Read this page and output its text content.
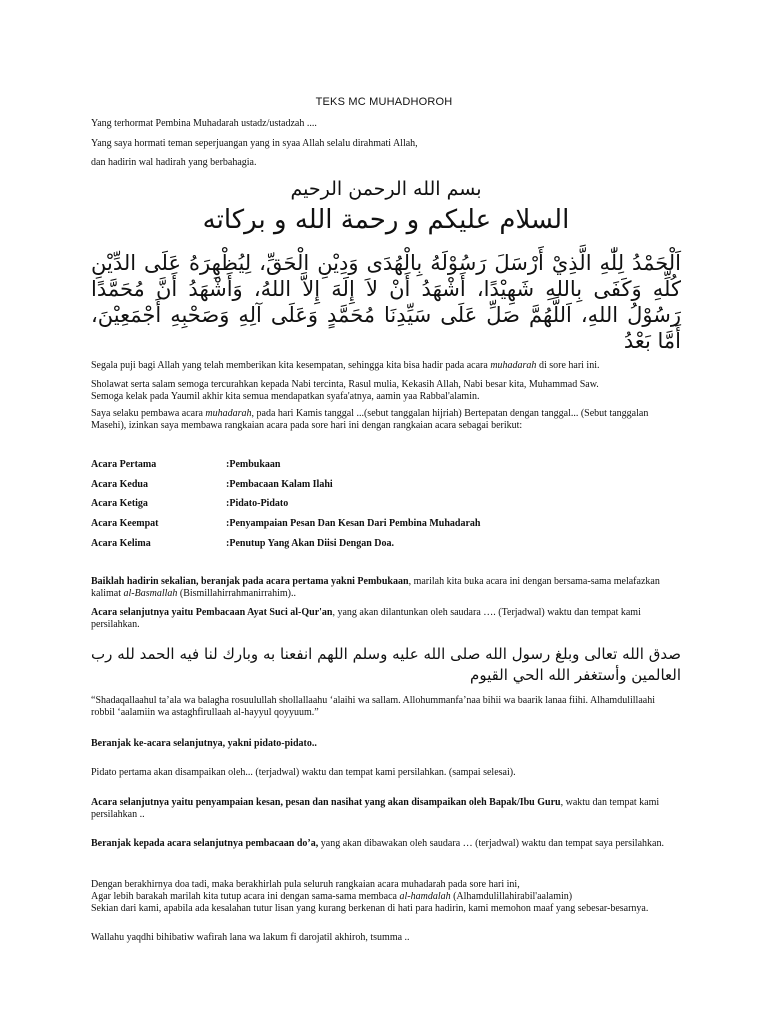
TEKS MC MUHADHOROH
Yang terhormat Pembina Muhadarah ustadz/ustadzah ....
Yang saya hormati teman seperjuangan yang in syaa Allah selalu dirahmati Allah,
dan hadirin wal hadirah yang berbahagia.
بسم الله الرحمن الرحيم
السلام عليكم و رحمة الله و بركاته
اَلْحَمْدُ لِلّٰهِ الَّذِيْ أَرْسَلَ رَسُوْلَهُ بِالْهُدَى وَدِيْنِ الْحَقِّ، لِيُظْهِرَهُ عَلَى الدِّيْنِ كُلِّهِ وَكَفَى بِاللهِ شَهِيْدًا، أَشْهَدُ أَنْ لاَ إِلَهَ إِلاَّ اللهُ، وَأَشْهَدُ أَنَّ مُحَمَّدًا رَسُوْلُ اللهِ، اَللَّهُمَّ صَلِّ عَلَى سَيِّدِنَا مُحَمَّدٍ وَعَلَى آلِهِ وَصَحْبِهِ أَجْمَعِيْنَ، أَمَّا بَعْدُ
Segala puji bagi Allah yang telah memberikan kita kesempatan, sehingga kita bisa hadir pada acara muhadarah di sore hari ini.
Sholawat serta salam semoga tercurahkan kepada Nabi tercinta, Rasul mulia, Kekasih Allah, Nabi besar kita, Muhammad Saw.
Semoga kelak pada Yaumil akhir kita semua mendapatkan syafa'atnya, aamin yaa Rabbal'alamin.
Saya selaku pembawa acara muhadarah, pada hari Kamis tanggal ...(sebut tanggalan hijriah) Bertepatan dengan tanggal... (Sebut tanggalan Masehi), izinkan saya membawa rangkaian acara pada sore hari ini dengan rangkaian acara sebagai berikut:
Acara Pertama	:Pembukaan
Acara Kedua	:Pembacaan Kalam Ilahi
Acara Ketiga	:Pidato-Pidato
Acara Keempat	:Penyampaian Pesan Dan Kesan Dari Pembina Muhadarah
Acara Kelima	:Penutup Yang Akan Diisi Dengan Doa.
Baiklah hadirin sekalian, beranjak pada acara pertama yakni Pembukaan, marilah kita buka acara ini dengan bersama-sama melafazkan kalimat al-Basmallah (Bismillahirrahmanirrahim)..
Acara selanjutnya yaitu Pembacaan Ayat Suci al-Qur'an, yang akan dilantunkan oleh saudara …. (Terjadwal) waktu dan tempat kami persilahkan.
صدق الله تعالى وبلغ رسول الله صلى الله عليه وسلم اللهم انفعنا به وبارك لنا فيه الحمد لله رب العالمين وأستغفر الله الحي القيوم
“Shadaqallaahul ta’ala wa balagha rosuulullah shollallaahu ‘alaihi wa sallam. Allohummanfa’naa bihii wa baarik lanaa fiihi. Alhamdulillaahi robbil ‘aalamiin wa astaghfirullaah al-hayyul qoyyuum.”
Beranjak ke-acara selanjutnya, yakni pidato-pidato..
Pidato pertama akan disampaikan oleh... (terjadwal) waktu dan tempat kami persilahkan. (sampai selesai).
Acara selanjutnya yaitu penyampaian kesan, pesan dan nasihat yang akan disampaikan oleh Bapak/Ibu Guru, waktu dan tempat kami persilahkan ..
Beranjak kepada acara selanjutnya pembacaan do’a, yang akan dibawakan oleh saudara … (terjadwal) waktu dan tempat saya persilahkan.
Dengan berakhirnya doa tadi, maka berakhirlah pula seluruh rangkaian acara muhadarah pada sore hari ini,
Agar lebih barakah marilah kita tutup acara ini dengan sama-sama membaca al-hamdalah (Alhamdulillahirabil'aalamin)
Sekian dari kami, apabila ada kesalahan tutur lisan yang kurang berkenan di hati para hadirin, kami memohon maaf yang sebesar-besarnya.
Wallahu yaqdhi bihibatiw wafirah lana wa lakum fi darojatil akhiroh, tsumma ..
